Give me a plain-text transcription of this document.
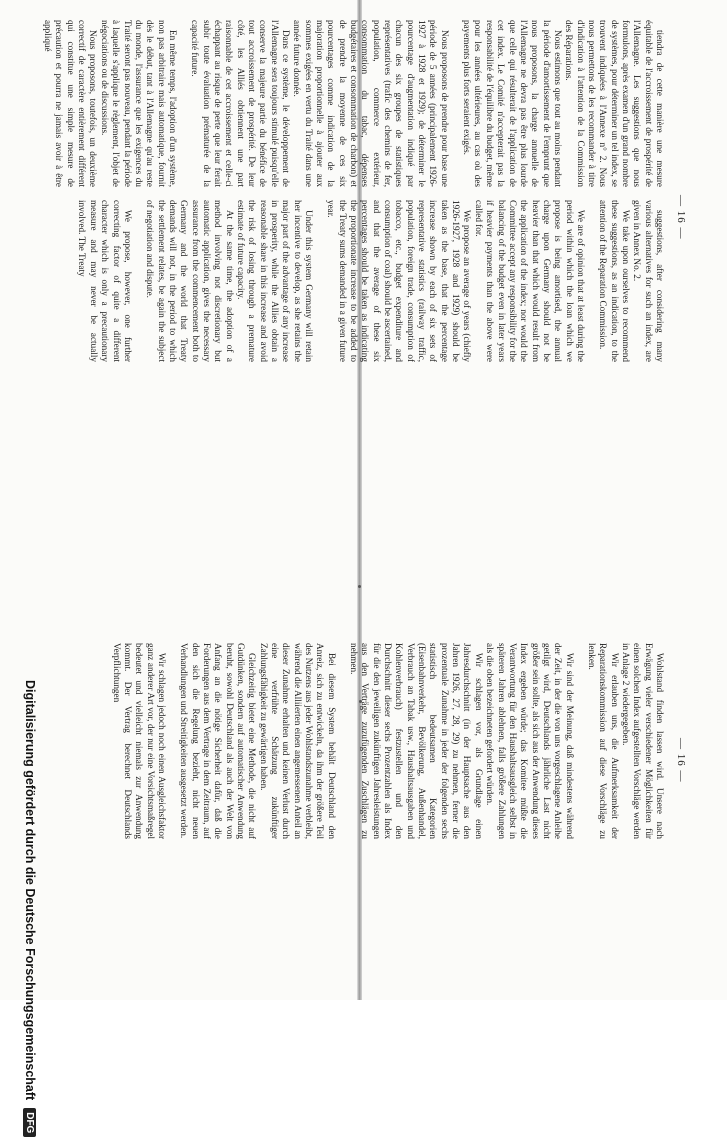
— 16 —

tiendra de cette manière une mesure équitable de l'accroissement de prospérité de l'Allemagne. Les suggestions que nous formulons, après examen d'un grand nombre de systèmes, pour déterminer un tel index, se trouvent indiquées à l'Annexe n° 2. Nous nous permettons de les recommander à titre d'indication à l'attention de la Commission des Réparations.

Nous estimons que tout au moins pendant la période d'amortissement de l'emprunt que nous proposons, la charge annuelle de l'Allemagne ne devra pas être plus lourde que celle qui résulterait de l'application de cet index. Le Comité n'accepterait pas la responsabilité de l'équilibre du budget, même pour les années ultérieures, au cas où des payements plus forts seraient exigés.

Nous proposons de prendre pour base une période de 5 années (principalement 1926-1927 à 1928 et 1929); de déterminer le pourcentage d'augmentation indiqué par chacun des six groupes de statistiques représentatives (trafic des chemins de fer, population, commerce extérieur, consommation du tabac, dépenses budgétaires et consommation de charbon) et de prendre la moyenne de ces six pourcentages comme indication de la majoration proportionnelle à ajouter aux sommes exigées en vertu du Traité dans une année future donnée.

Dans ce système, le développement de l'Allemagne sera toujours stimulé puisqu'elle conserve la majeure partie du bénéfice de tout accroissement de prospérité. De leur côté, les Alliés obtiennent une part raisonnable de cet accroissement et celle-ci échappant au risque de perte que leur ferait subir toute évaluation prématurée de la capacité future.

En même temps, l'adoption d'un système, non pas arbitraire mais automatique, fournit dès le début, tant à l'Allemagne qu'au reste du monde, l'assurance que les exigences du Traité seront pas nouveau, pendant la période à laquelle s'applique le règlement, l'objet de négociations ou de discussions.

Nous proposons, toutefois, un deuxième correctif de caractère entièrement différent qui constitue une simple mesure de précaution et pourra ne jamais avoir à être appliqué

suggestions, after considering many various alternatives for such an index, are given in Annex No. 2.

We take upon ourselves to recommend these suggestions, as an indication, to the attention of the Reparation Commission.

We are of opinion that at least during the period within which the loan which we propose is being amortised, the annual charge upon Germany should not be heavier than that which would result from the application of the index; nor would the Committee accept any responsibility for the balancing of the budget even in later years if heavier payments than the above were called for.

We propose an average of years (chiefly 1926-1927, 1928 and 1929) should be taken as the base, that the percentage increase shown by each of six sets of representative statistics (railway traffic, population, foreign trade, consumption of tobacco, etc., budget expenditure and consumption of coal) should be ascertained, and that the average of these six percentages should be taken as indicating the proportionate increase to be added to the Treaty sums demanded in a given future year.

Under this system Germany will retain her incentive to develop, as she retains the major part of the advantage of any increase in prosperity, while the Allies obtain a reasonable share in this increase and avoid the risk of losing through a premature estimate of future capacity.

At the same time, the adoption of a method involving not discretionary but automatic application, gives the necessary assurance from the commencement both to Germany and the world that Treaty demands will not, in the period to which the settlement relates, be again the subject of negotiation and dispute.

We propose, however, one further correcting factor of quite a different character which is only a precautionary measure and may never be actually involved. The Treaty

— 16 —

Wohlstand finden lassen wird. Unsere nach Erwägung vieler verschiedener Möglichkeiten für einen solchen Index aufgestellten Vorschläge werden in Anlage 2 wiedergegeben.

Wir erlauben uns, die Aufmerksamkeit der Reparationskommission auf diese Vorschläge zu lenken.

Wir sind der Meinung, daß mindestens während der Zeit, in der die von uns vorgeschlagene Anleihe getilgt wird, Deutschlands jährliche Last nicht größer sein sollte, als sich aus der Anwendung dieses Index ergeben würde; das Komitee müßte die Verantwortung für den Haushaltsausgleich selbst in späteren Jahren ablehnen, falls größere Zahlungen als die oben bezeichneten gefordert würden.

Wir schlagen vor, als Grundlage einen Jahresdurchschnitt (in der Hauptsache aus den Jahren 1926, 27, 28, 29) zu nehmen, ferner die prozentuale Zunahme in jeder der folgenden sechs statistisch bedeutsamen Kategorien (Eisenbahnverkehr, Bevölkerung, Außenhandel, Verbrauch an Tabak usw., Haushaltsausgaben und Kohlenverbrauch) festzustellen und den Durchschnitt dieser sechs Prozentzahlen als Index für die den jeweiligen zukünftigen Jahresleistungen aus den Verträge zuzufügenden Zuschlägen zu nehmen.

Bei diesem System behält Deutschland den Anreiz, sich zu entwickeln, da ihm der größere Teil des Nutzens aus jeder Wohlstandszunahme verbleibt, während die Alliierten einen angemessenen Anteil an dieser Zunahme erhalten und keinen Verlust durch eine verfrühte Schätzung zukünftiger Zahlungsfähigkeit zu gewärtigen haben.

Gleichzeitig bietet eine Methode, die nicht auf Gutdünken, sondern auf automatischer Anwendung beruht, sowohl Deutschland als auch der Welt von Anfang an die nötige Sicherheit dafür, daß die Forderungen aus dem Vertrage in dem Zeitraum, auf den sich die Regelung bezieht, nicht neuen Verhandlungen und Streitigkeiten ausgesetzt werden.

Wir schlagen jedoch noch einen Ausgleichsfaktor ganz anderer Art vor, der nur eine Vorsichtsmaßregel bedeutet und vielleicht niemals zur Anwendung kommt. Der Vertrag berechnet Deutschlands Verpflichtungen

Digitalisierung gefördert durch die Deutsche ForschungsgemeinschaftDFG
